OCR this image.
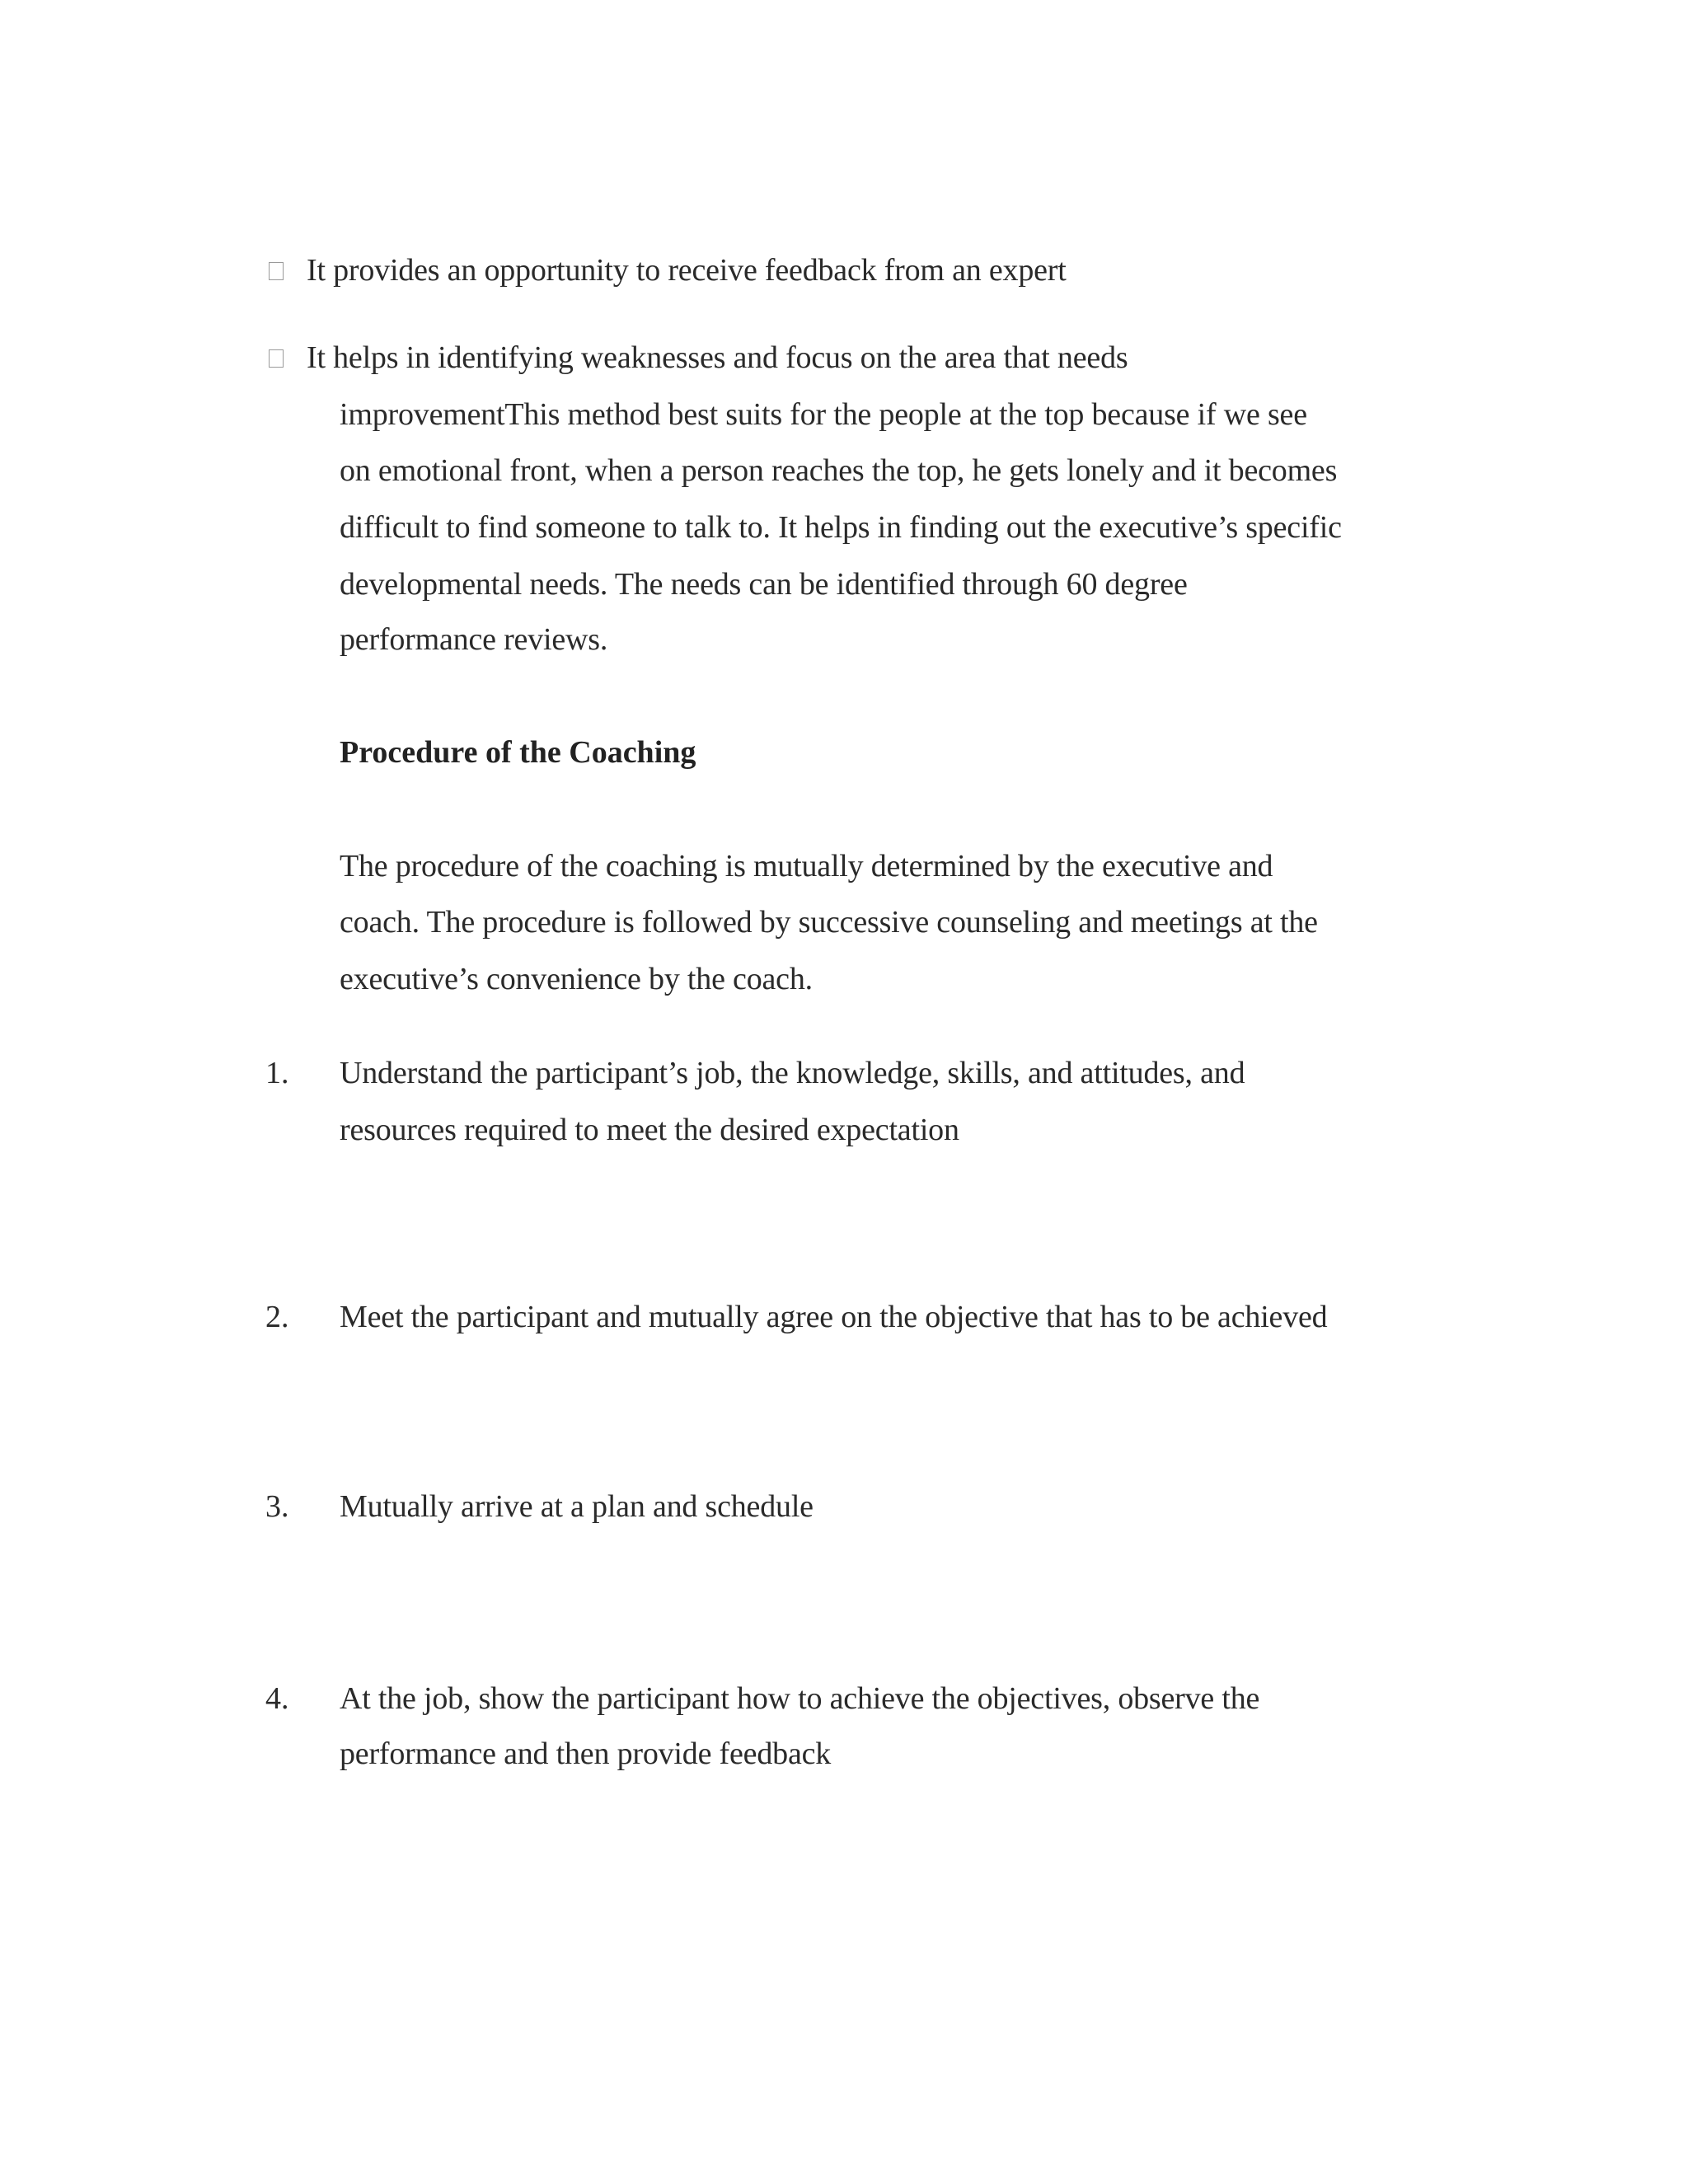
It provides an opportunity to receive feedback from an expert
It helps in identifying weaknesses and focus on the area that needs
improvementThis method best suits for the people at the top because if we see
on emotional front, when a person reaches the top, he gets lonely and it becomes
difficult to find someone to talk to. It helps in finding out the executive’s specific
developmental needs. The needs can be identified through 60 degree
performance reviews.
Procedure of the Coaching
The procedure of the coaching is mutually determined by the executive and
coach. The procedure is followed by successive counseling and meetings at the
executive’s convenience by the coach.
1. Understand the participant’s job, the knowledge, skills, and attitudes, and
resources required to meet the desired expectation
2. Meet the participant and mutually agree on the objective that has to be achieved
3. Mutually arrive at a plan and schedule
4. At the job, show the participant how to achieve the objectives, observe the
performance and then provide feedback
